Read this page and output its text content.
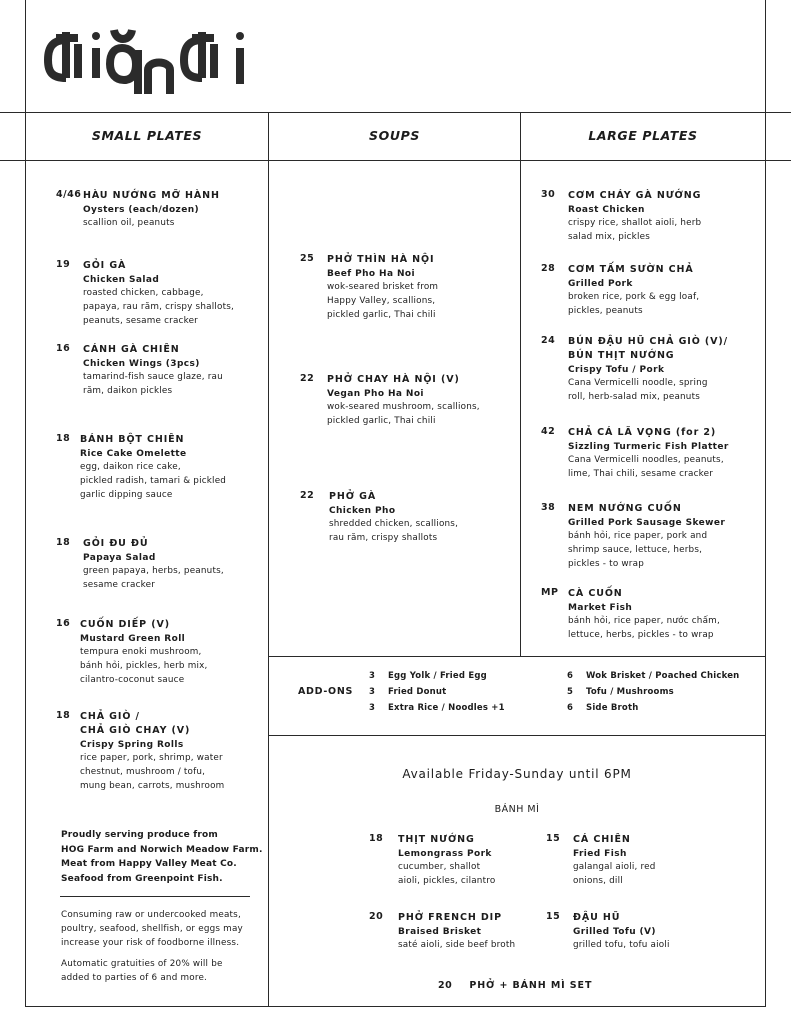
SMALL PLATES	SOUPS	LARGE PLATES
4/46 HÀU NƯỚNG MỠ HÀNH
Oysters (each/dozen)
scallion oil, peanuts
19 GỎI GÀ
Chicken Salad
roasted chicken, cabbage,
papaya, rau răm, crispy shallots,
peanuts, sesame cracker
16 CÁNH GÀ CHIÊN
Chicken Wings (3pcs)
tamarind-fish sauce glaze, rau
răm, daikon pickles
18 BÁNH BỘT CHIÊN
Rice Cake Omelette
egg, daikon rice cake,
pickled radish, tamari & pickled
garlic dipping sauce
18 GỎI ĐU ĐỦ
Papaya Salad
green papaya, herbs, peanuts,
sesame cracker
16 CUỐN DIẾP (V)
Mustard Green Roll
tempura enoki mushroom,
bánh hỏi, pickles, herb mix,
cilantro-coconut sauce
18 CHẢ GIÒ /
CHẢ GIÒ CHAY (V)
Crispy Spring Rolls
rice paper, pork, shrimp, water
chestnut, mushroom / tofu,
mung bean, carrots, mushroom
25 PHỞ THÌN HÀ NỘI
Beef Pho Ha Noi
wok-seared brisket from
Happy Valley, scallions,
pickled garlic, Thai chili
22 PHỞ CHAY HÀ NỘI (V)
Vegan Pho Ha Noi
wok-seared mushroom, scallions,
pickled garlic, Thai chili
22 PHỞ GÀ
Chicken Pho
shredded chicken, scallions,
rau răm, crispy shallots
30 CƠM CHÁY GÀ NƯỚNG
Roast Chicken
crispy rice, shallot aioli, herb
salad mix, pickles
28 CƠM TẤM SƯỜN CHẢ
Grilled Pork
broken rice, pork & egg loaf,
pickles, peanuts
24 BÚN ĐẬU HŨ CHẢ GIÒ (V)/
BÚN THỊT NƯỚNG
Crispy Tofu / Pork
Cana Vermicelli noodle, spring
roll, herb-salad mix, peanuts
42 CHẢ CÁ LÃ VỌNG (for 2)
Sizzling Turmeric Fish Platter
Cana Vermicelli noodles, peanuts,
lime, Thai chili, sesame cracker
38 NEM NƯỚNG CUỐN
Grilled Pork Sausage Skewer
bánh hỏi, rice paper, pork and
shrimp sauce, lettuce, herbs,
pickles - to wrap
MP CÀ CUỐN
Market Fish
bánh hỏi, rice paper, nước chấm,
lettuce, herbs, pickles - to wrap
ADD-ONS
3 Egg Yolk / Fried Egg
3 Fried Donut
3 Extra Rice / Noodles +1
6 Wok Brisket / Poached Chicken
5 Tofu / Mushrooms
6 Side Broth
Available Friday-Sunday until 6PM
BÁNH MÌ
18 THỊT NƯỚNG
Lemongrass Pork
cucumber, shallot
aioli, pickles, cilantro
15 CÁ CHIÊN
Fried Fish
galangal aioli, red
onions, dill
20 PHỞ FRENCH DIP
Braised Brisket
saté aioli, side beef broth
15 ĐẬU HŨ
Grilled Tofu (V)
grilled tofu, tofu aioli
20 PHỞ + BÁNH MÌ SET
Proudly serving produce from
HOG Farm and Norwich Meadow Farm.
Meat from Happy Valley Meat Co.
Seafood from Greenpoint Fish.
Consuming raw or undercooked meats,
poultry, seafood, shellfish, or eggs may
increase your risk of foodborne illness.
Automatic gratuities of 20% will be
added to parties of 6 and more.
